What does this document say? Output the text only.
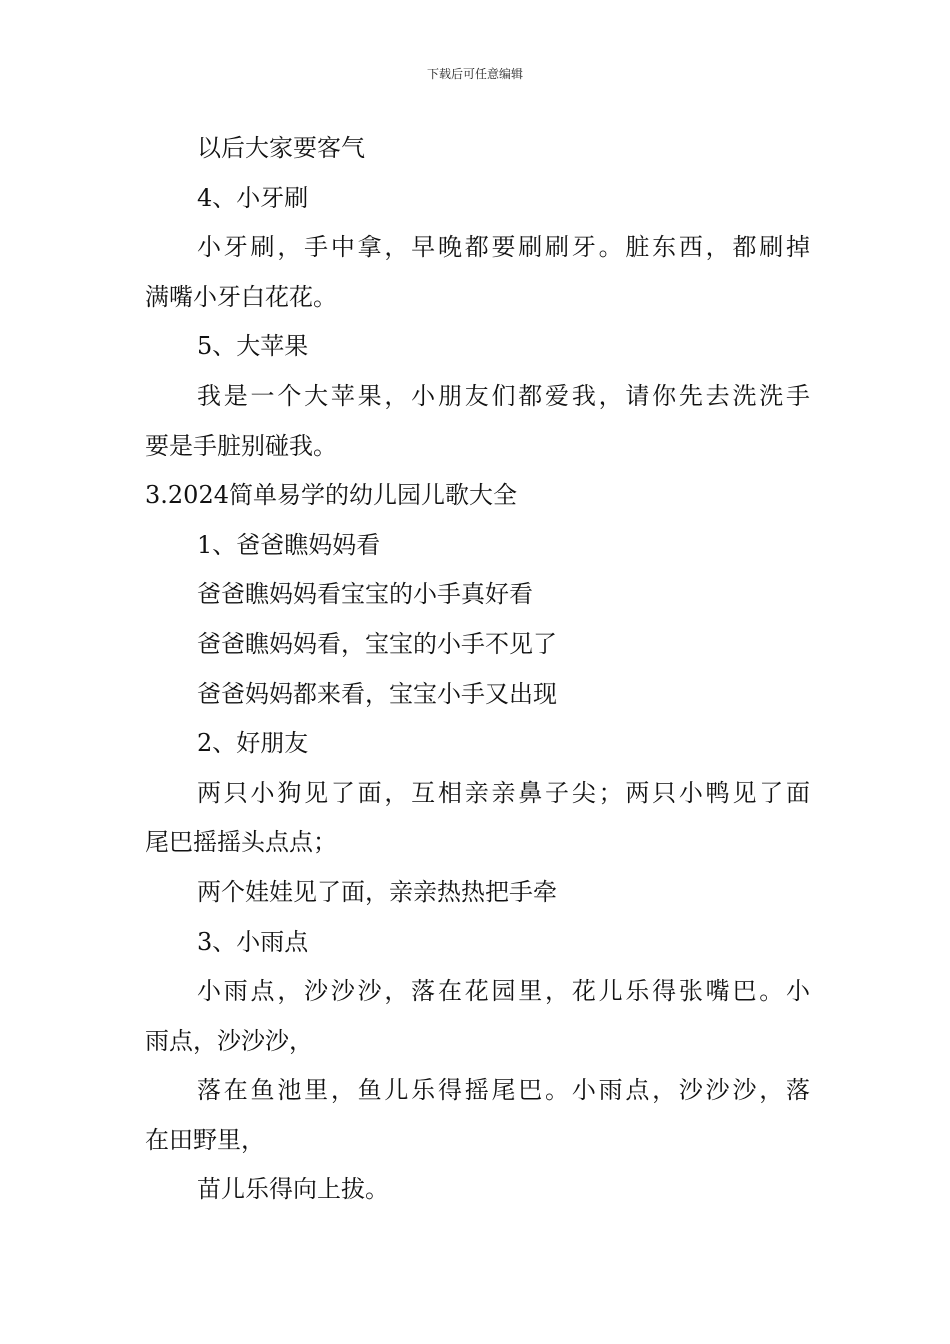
下载后可任意编辑
以后大家要客气
4、小牙刷
小牙刷，手中拿，早晚都要刷刷牙。脏东西，都刷掉
满嘴小牙白花花。
5、大苹果
我是一个大苹果，小朋友们都爱我，请你先去洗洗手
要是手脏别碰我。
3.2024简单易学的幼儿园儿歌大全
1、爸爸瞧妈妈看
爸爸瞧妈妈看宝宝的小手真好看
爸爸瞧妈妈看，宝宝的小手不见了
爸爸妈妈都来看，宝宝小手又出现
2、好朋友
两只小狗见了面，互相亲亲鼻子尖；两只小鸭见了面
尾巴摇摇头点点；
两个娃娃见了面，亲亲热热把手牵
3、小雨点
小雨点，沙沙沙，落在花园里，花儿乐得张嘴巴。小
雨点，沙沙沙，
落在鱼池里，鱼儿乐得摇尾巴。小雨点，沙沙沙，落
在田野里，
苗儿乐得向上拔。
